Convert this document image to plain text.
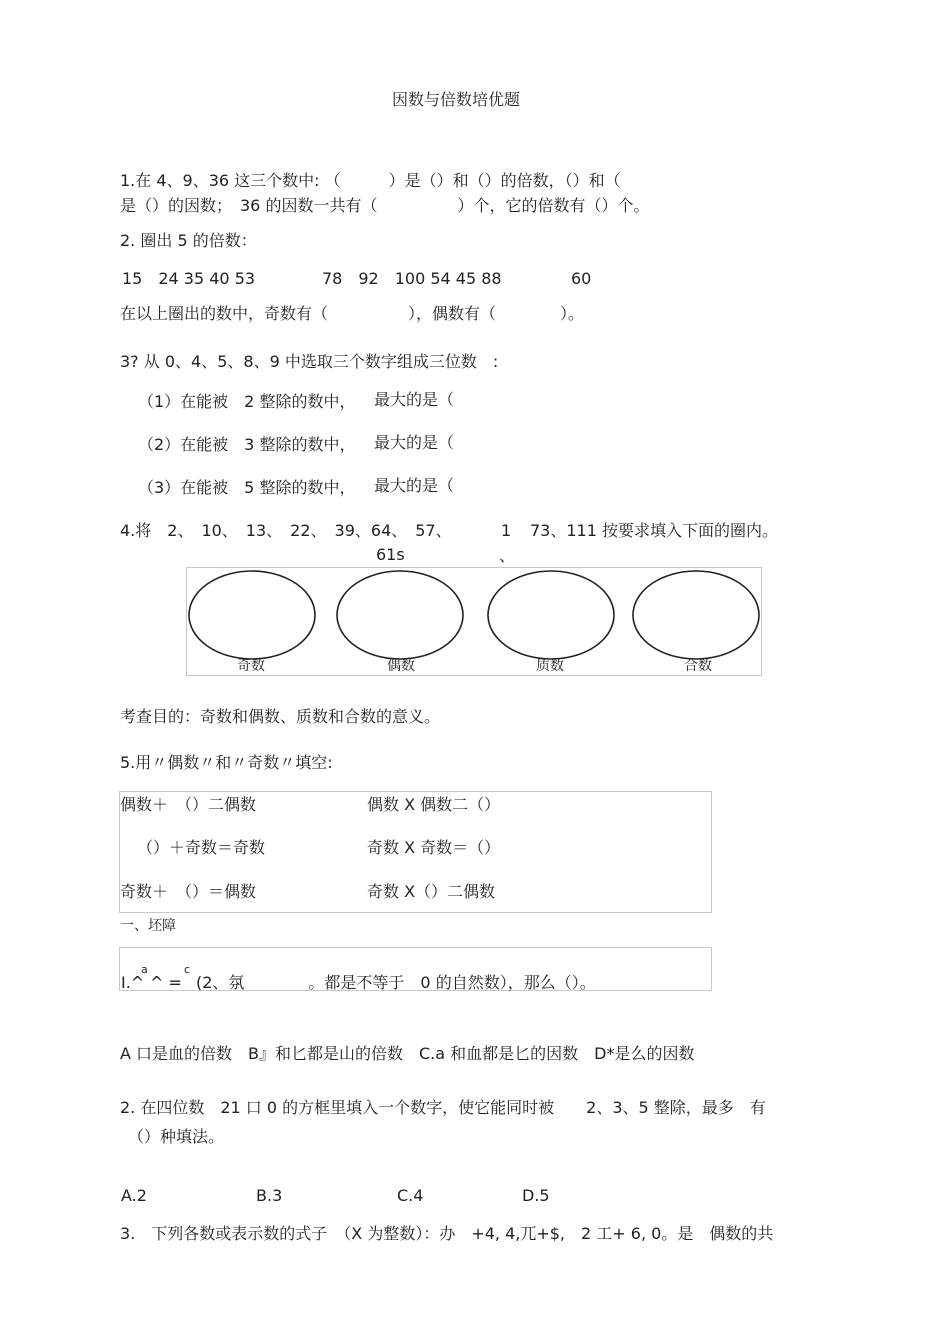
因数与倍数培优题
1.在 4、9、36 这三个数中: （　　　）是（）和（）的倍数，（）和（
是（）的因数；　36 的因数一共有（　　　　　）个，它的倍数有（）个。
2. 圈出 5 的倍数：
15　24 35 40 53	78　92　100 54 45 88	60
在以上圈出的数中，奇数有（　　　　　），偶数有（　　　　）。
3? 从 0、4、5、8、9 中选取三个数字组成三位数　:
（1）在能被　2 整除的数中， 最大的是（
（2）在能被　3 整除的数中， 最大的是（
（3）在能被　5 整除的数中， 最大的是（
4.将　2、　10、　13、　22、　39、64、　57、	1 73、111 按要求填入下面的圈内。
61s	、
奇数	偶数	质数	合数
考查目的：奇数和偶数、质数和合数的意义。
5.用〃偶数〃和〃奇数〃填空:
偶数＋　（）二偶数	偶数 X 偶数二（）
（）＋奇数＝奇数	奇数 X 奇数＝（）
奇数＋　（）＝偶数	奇数 X（）二偶数
一、坯障
I.^
a
^ =
c
(2、氛　　　　。都是不等于　0 的自然数），那么（）。
A 口是血的倍数　B』和匕都是山的倍数　C.a 和血都是匕的因数　D*是么的因数
2. 在四位数　21 口 0 的方框里填入一个数字，使它能同时被　　2、3、5 整除，最多　有
（）种填法。
A.2	B.3	C.4	D.5
3.　下列各数或表示数的式子　（X 为整数）：办　+4, 4,兀+$,　2 工+ 6, 0。是　偶数的共
